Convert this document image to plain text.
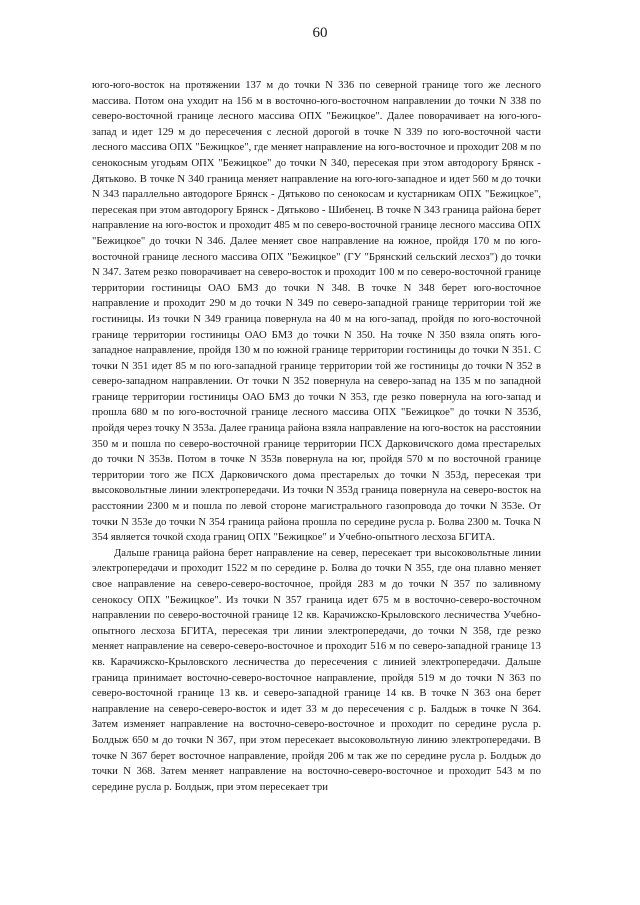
60

юго-юго-восток на протяжении 137 м до точки N 336 по северной границе того же лесного массива. Потом она уходит на 156 м в восточно-юго-восточном направлении до точки N 338 по северо-восточной границе лесного массива ОПХ "Бежицкое". Далее поворачивает на юго-юго-запад и идет 129 м до пересечения с лесной дорогой в точке N 339 по юго-восточной части лесного массива ОПХ "Бежицкое", где меняет направление на юго-восточное и проходит 208 м по сенокосным угодьям ОПХ "Бежицкое" до точки N 340, пересекая при этом автодорогу Брянск - Дятьково. В точке N 340 граница меняет направление на юго-юго-западное и идет 560 м до точки N 343 параллельно автодороге Брянск - Дятьково по сенокосам и кустарникам ОПХ "Бежицкое", пересекая при этом автодорогу Брянск - Дятьково - Шибенец. В точке N 343 граница района берет направление на юго-восток и проходит 485 м по северо-восточной границе лесного массива ОПХ "Бежицкое" до точки N 346. Далее меняет свое направление на южное, пройдя 170 м по юго-восточной границе лесного массива ОПХ "Бежицкое" (ГУ "Брянский сельский лесхоз") до точки N 347. Затем резко поворачивает на северо-восток и проходит 100 м по северо-восточной границе территории гостиницы ОАО БМЗ до точки N 348. В точке N 348 берет юго-восточное направление и проходит 290 м до точки N 349 по северо-западной границе территории той же гостиницы. Из точки N 349 граница повернула на 40 м на юго-запад, пройдя по юго-восточной границе территории гостиницы ОАО БМЗ до точки N 350. На точке N 350 взяла опять юго-западное направление, пройдя 130 м по южной границе территории гостиницы до точки N 351. С точки N 351 идет 85 м по юго-западной границе территории той же гостиницы до точки N 352 в северо-западном направлении. От точки N 352 повернула на северо-запад на 135 м по западной границе территории гостиницы ОАО БМЗ до точки N 353, где резко повернула на юго-запад и прошла 680 м по юго-восточной границе лесного массива ОПХ "Бежицкое" до точки N 353б, пройдя через точку N 353а. Далее граница района взяла направление на юго-восток на расстоянии 350 м и пошла по северо-восточной границе территории ПСХ Дарковичского дома престарелых до точки N 353в. Потом в точке N 353в повернула на юг, пройдя 570 м по восточной границе территории того же ПСХ Дарковичского дома престарелых до точки N 353д, пересекая три высоковольтные линии электропередачи. Из точки N 353д граница повернула на северо-восток на расстоянии 2300 м и пошла по левой стороне магистрального газопровода до точки N 353е. От точки N 353е до точки N 354 граница района прошла по середине русла р. Болва 2300 м. Точка N 354 является точкой схода границ ОПХ "Бежицкое" и Учебно-опытного лесхоза БГИТА.

Дальше граница района берет направление на север, пересекает три высоковольтные линии электропередачи и проходит 1522 м по середине р. Болва до точки N 355, где она плавно меняет свое направление на северо-северо-восточное, пройдя 283 м до точки N 357 по заливному сенокосу ОПХ "Бежицкое". Из точки N 357 граница идет 675 м в восточно-северо-восточном направлении по северо-восточной границе 12 кв. Карачижско-Крыловского лесничества Учебно-опытного лесхоза БГИТА, пересекая три линии электропередачи, до точки N 358, где резко меняет направление на северо-северо-восточное и проходит 516 м по северо-западной границе 13 кв. Карачижско-Крыловского лесничества до пересечения с линией электропередачи. Дальше граница принимает восточно-северо-восточное направление, пройдя 519 м до точки N 363 по северо-восточной границе 13 кв. и северо-западной границе 14 кв. В точке N 363 она берет направление на северо-северо-восток и идет 33 м до пересечения с р. Балдыж в точке N 364. Затем изменяет направление на восточно-северо-восточное и проходит по середине русла р. Болдыж 650 м до точки N 367, при этом пересекает высоковольтную линию электропередачи. В точке N 367 берет восточное направление, пройдя 206 м так же по середине русла р. Болдыж до точки N 368. Затем меняет направление на восточно-северо-восточное и проходит 543 м по середине русла р. Болдыж, при этом пересекает три
